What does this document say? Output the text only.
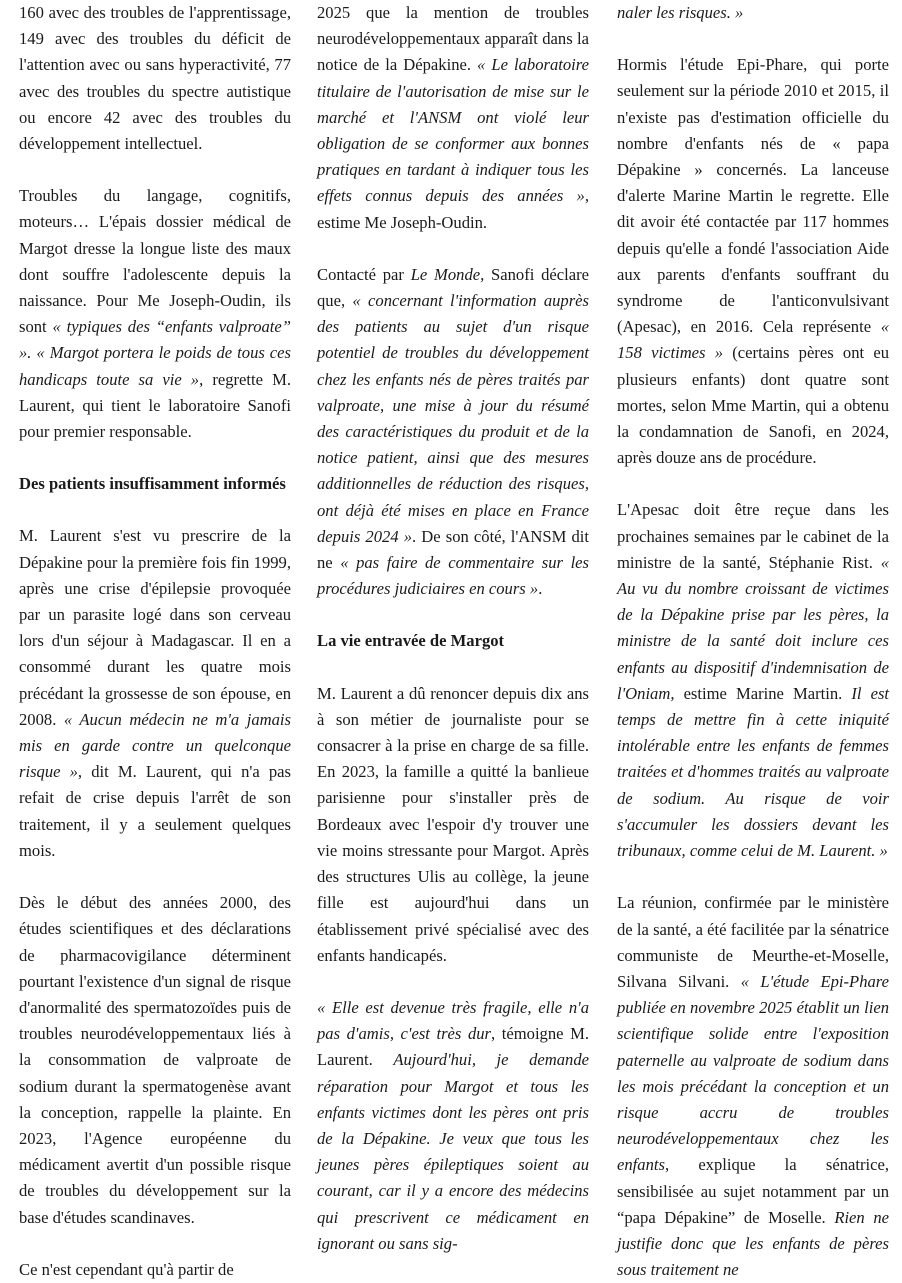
160 avec des troubles de l'apprentissage, 149 avec des troubles du déficit de l'attention avec ou sans hyperactivité, 77 avec des troubles du spectre autistique ou encore 42 avec des troubles du développement intellectuel.

Troubles du langage, cognitifs, moteurs… L'épais dossier médical de Margot dresse la longue liste des maux dont souffre l'adolescente depuis la naissance. Pour Me Joseph-Oudin, ils sont « typiques des “enfants valproate” ». « Margot portera le poids de tous ces handicaps toute sa vie », regrette M. Laurent, qui tient le laboratoire Sanofi pour premier responsable.

Des patients insuffisamment informés

M. Laurent s'est vu prescrire de la Dépakine pour la première fois fin 1999, après une crise d'épilepsie provoquée par un parasite logé dans son cerveau lors d'un séjour à Madagascar. Il en a consommé durant les quatre mois précédant la grossesse de son épouse, en 2008. « Aucun médecin ne m'a jamais mis en garde contre un quelconque risque », dit M. Laurent, qui n'a pas refait de crise depuis l'arrêt de son traitement, il y a seulement quelques mois.

Dès le début des années 2000, des études scientifiques et des déclarations de pharmacovigilance déterminent pourtant l'existence d'un signal de risque d'anormalité des spermatozoïdes puis de troubles neurodéveloppementaux liés à la consommation de valproate de sodium durant la spermatogenèse avant la conception, rappelle la plainte. En 2023, l'Agence européenne du médicament avertit d'un possible risque de troubles du développement sur la base d'études scandinaves.

Ce n'est cependant qu'à partir de

2025 que la mention de troubles neurodéveloppementaux apparaît dans la notice de la Dépakine. « Le laboratoire titulaire de l'autorisation de mise sur le marché et l'ANSM ont violé leur obligation de se conformer aux bonnes pratiques en tardant à indiquer tous les effets connus depuis des années », estime Me Joseph-Oudin.

Contacté par Le Monde, Sanofi déclare que, « concernant l'information auprès des patients au sujet d'un risque potentiel de troubles du développement chez les enfants nés de pères traités par valproate, une mise à jour du résumé des caractéristiques du produit et de la notice patient, ainsi que des mesures additionnelles de réduction des risques, ont déjà été mises en place en France depuis 2024 ». De son côté, l'ANSM dit ne « pas faire de commentaire sur les procédures judiciaires en cours ».

La vie entravée de Margot

M. Laurent a dû renoncer depuis dix ans à son métier de journaliste pour se consacrer à la prise en charge de sa fille. En 2023, la famille a quitté la banlieue parisienne pour s'installer près de Bordeaux avec l'espoir d'y trouver une vie moins stressante pour Margot. Après des structures Ulis au collège, la jeune fille est aujourd'hui dans un établissement privé spécialisé avec des enfants handicapés.

« Elle est devenue très fragile, elle n'a pas d'amis, c'est très dur, témoigne M. Laurent. Aujourd'hui, je demande réparation pour Margot et tous les enfants victimes dont les pères ont pris de la Dépakine. Je veux que tous les jeunes pères épileptiques soient au courant, car il y a encore des médecins qui prescrivent ce médicament en ignorant ou sans sig-

naler les risques. »

Hormis l'étude Epi-Phare, qui porte seulement sur la période 2010 et 2015, il n'existe pas d'estimation officielle du nombre d'enfants nés de « papa Dépakine » concernés. La lanceuse d'alerte Marine Martin le regrette. Elle dit avoir été contactée par 117 hommes depuis qu'elle a fondé l'association Aide aux parents d'enfants souffrant du syndrome de l'anticonvulsivant (Apesac), en 2016. Cela représente « 158 victimes » (certains pères ont eu plusieurs enfants) dont quatre sont mortes, selon Mme Martin, qui a obtenu la condamnation de Sanofi, en 2024, après douze ans de procédure.

L'Apesac doit être reçue dans les prochaines semaines par le cabinet de la ministre de la santé, Stéphanie Rist. « Au vu du nombre croissant de victimes de la Dépakine prise par les pères, la ministre de la santé doit inclure ces enfants au dispositif d'indemnisation de l'Oniam, estime Marine Martin. Il est temps de mettre fin à cette iniquité intolérable entre les enfants de femmes traitées et d'hommes traités au valproate de sodium. Au risque de voir s'accumuler les dossiers devant les tribunaux, comme celui de M. Laurent. »

La réunion, confirmée par le ministère de la santé, a été facilitée par la sénatrice communiste de Meurthe-et-Moselle, Silvana Silvani. « L'étude Epi-Phare publiée en novembre 2025 établit un lien scientifique solide entre l'exposition paternelle au valproate de sodium dans les mois précédant la conception et un risque accru de troubles neurodéveloppementaux chez les enfants, explique la sénatrice, sensibilisée au sujet notamment par un “papa Dépakine” de Moselle. Rien ne justifie donc que les enfants de pères sous traitement ne
